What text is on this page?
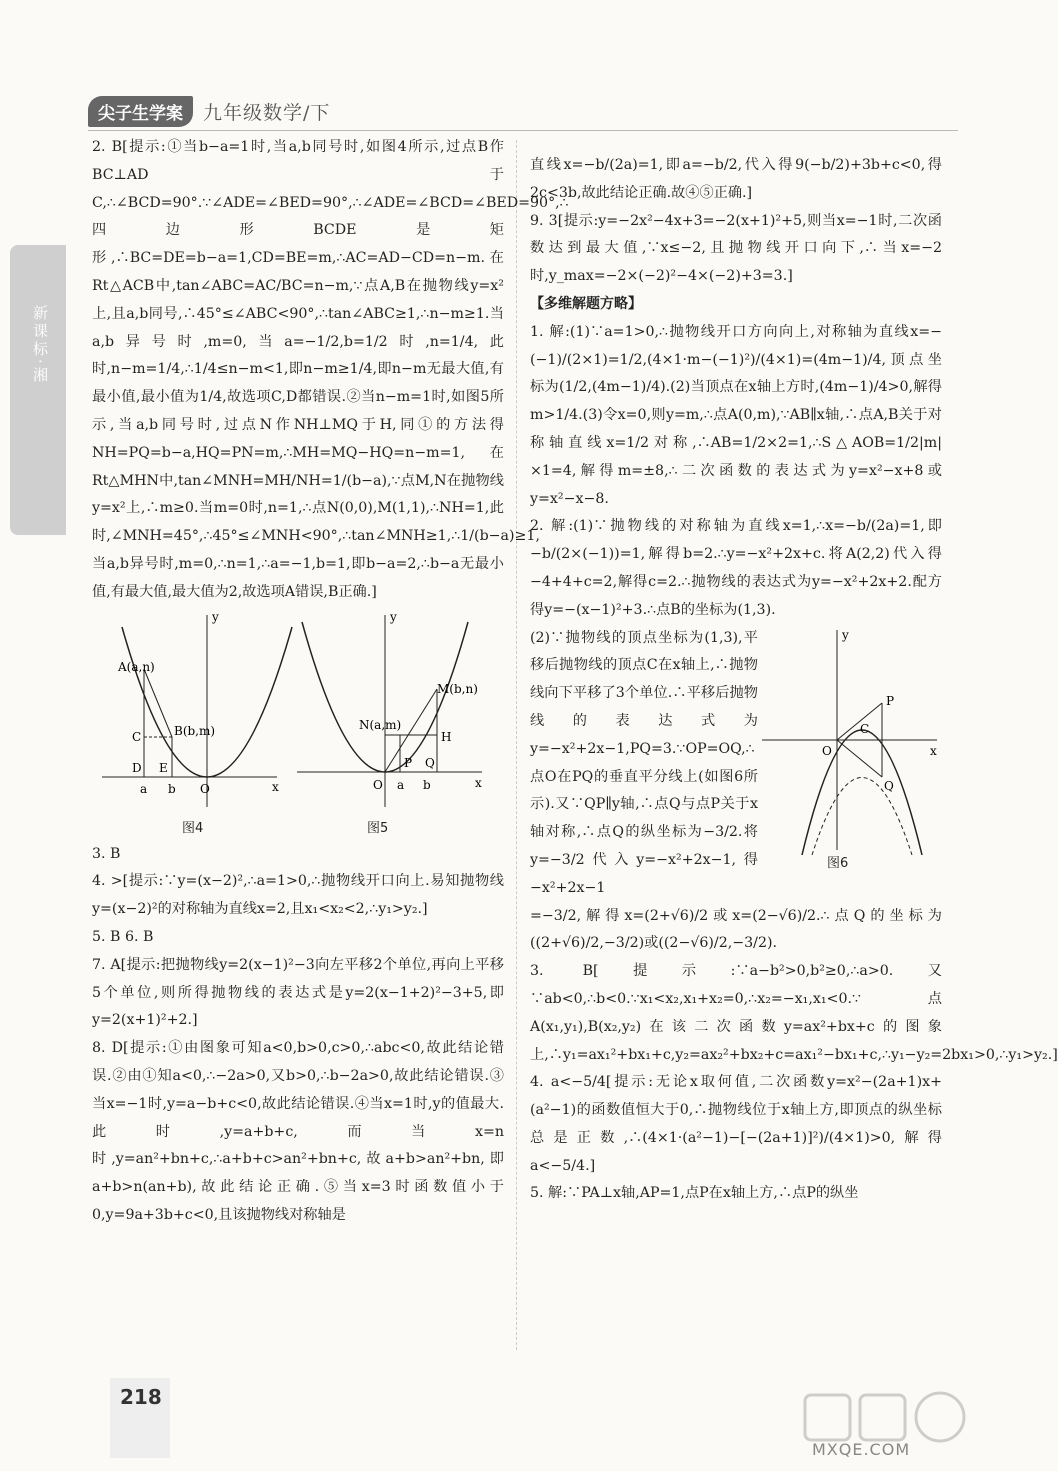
新课标·湘
尖子生学案	九年级数学/下

2. B[提示:①当b−a=1时,当a,b同号时,如图4所示,过点B作BC⊥AD于C,∴∠BCD=90°.∵∠ADE=∠BED=90°,∴∠ADE=∠BCD=∠BED=90°,∴四边形BCDE是矩形,∴BC=DE=b−a=1,CD=BE=m,∴AC=AD−CD=n−m.在Rt△ACB中,tan∠ABC=AC/BC=n−m,∵点A,B在抛物线y=x²上,且a,b同号,∴45°≤∠ABC<90°,∴tan∠ABC≥1,∴n−m≥1.当a,b异号时,m=0,当a=−1/2,b=1/2时,n=1/4,此时,n−m=1/4,∴1/4≤n−m<1,即n−m≥1/4,即n−m无最大值,有最小值,最小值为1/4,故选项C,D都错误.②当n−m=1时,如图5所示,当a,b同号时,过点N作NH⊥MQ于H,同①的方法得NH=PQ=b−a,HQ=PN=m,∴MH=MQ−HQ=n−m=1,在Rt△MHN中,tan∠MNH=MH/NH=1/(b−a),∵点M,N在抛物线y=x²上,∴m≥0.当m=0时,n=1,∴点N(0,0),M(1,1),∴NH=1,此时,∠MNH=45°,∴45°≤∠MNH<90°,∴tan∠MNH≥1,∴1/(b−a)≥1,当a,b异号时,m=0,∴n=1,∴a=−1,b=1,即b−a=2,∴b−a无最小值,有最大值,最大值为2,故选项A错误,B正确.]

A(a,n)
C	B(b,m)
D E
a b O	x
y
图4
M(b,n)
N(a,m)
H
P Q
O a b	x
y
图5

3. B

4. >[提示:∵y=(x−2)²,∴a=1>0,∴抛物线开口向上.易知抛物线y=(x−2)²的对称轴为直线x=2,且x₁<x₂<2,∴y₁>y₂.]

5. B 6. B

7. A[提示:把抛物线y=2(x−1)²−3向左平移2个单位,再向上平移5个单位,则所得抛物线的表达式是y=2(x−1+2)²−3+5,即y=2(x+1)²+2.]

8. D[提示:①由图象可知a<0,b>0,c>0,∴abc<0,故此结论错误.②由①知a<0,∴−2a>0,又b>0,∴b−2a>0,故此结论错误.③当x=−1时,y=a−b+c<0,故此结论错误.④当x=1时,y的值最大.此时,y=a+b+c,而当x=n时,y=an²+bn+c,∴a+b+c>an²+bn+c,故a+b>an²+bn,即a+b>n(an+b),故此结论正确.⑤当x=3时函数值小于0,y=9a+3b+c<0,且该抛物线对称轴是

直线x=−b/(2a)=1,即a=−b/2,代入得9(−b/2)+3b+c<0,得2c<3b,故此结论正确.故④⑤正确.]

9. 3[提示:y=−2x²−4x+3=−2(x+1)²+5,则当x=−1时,二次函数达到最大值,∵x≤−2,且抛物线开口向下,∴当x=−2时,y_max=−2×(−2)²−4×(−2)+3=3.]

【多维解题方略】

1. 解:(1)∵a=1>0,∴抛物线开口方向向上,对称轴为直线x=−(−1)/(2×1)=1/2,(4×1·m−(−1)²)/(4×1)=(4m−1)/4,顶点坐标为(1/2,(4m−1)/4).(2)当顶点在x轴上方时,(4m−1)/4>0,解得m>1/4.(3)令x=0,则y=m,∴点A(0,m),∵AB∥x轴,∴点A,B关于对称轴直线x=1/2对称,∴AB=1/2×2=1,∴S△AOB=1/2|m|×1=4,解得m=±8,∴二次函数的表达式为y=x²−x+8或y=x²−x−8.

2. 解:(1)∵抛物线的对称轴为直线x=1,∴x=−b/(2a)=1,即−b/(2×(−1))=1,解得b=2.∴y=−x²+2x+c.将A(2,2)代入得−4+4+c=2,解得c=2.∴抛物线的表达式为y=−x²+2x+2.配方得y=−(x−1)²+3.∴点B的坐标为(1,3).

(2)∵抛物线的顶点坐标为(1,3),平移后抛物线的顶点C在x轴上,∴抛物线向下平移了3个单位.∴平移后抛物线的表达式为y=−x²+2x−1,PQ=3.∵OP=OQ,∴点O在PQ的垂直平分线上(如图6所示).又∵QP∥y轴,∴点Q与点P关于x轴对称,∴点Q的纵坐标为−3/2.将y=−3/2代入y=−x²+2x−1,得−x²+2x−1

y
P
C
O	x
Q
图6

=−3/2,解得x=(2+√6)/2或x=(2−√6)/2.∴点Q的坐标为((2+√6)/2,−3/2)或((2−√6)/2,−3/2).

3. B[提示:∵a−b²>0,b²≥0,∴a>0.又∵ab<0,∴b<0.∵x₁<x₂,x₁+x₂=0,∴x₂=−x₁,x₁<0.∵点A(x₁,y₁),B(x₂,y₂)在该二次函数y=ax²+bx+c的图象上,∴y₁=ax₁²+bx₁+c,y₂=ax₂²+bx₂+c=ax₁²−bx₁+c,∴y₁−y₂=2bx₁>0,∴y₁>y₂.]

4. a<−5/4[提示:无论x取何值,二次函数y=x²−(2a+1)x+(a²−1)的函数值恒大于0,∴抛物线位于x轴上方,即顶点的纵坐标总是正数,∴(4×1·(a²−1)−[−(2a+1)]²)/(4×1)>0,解得a<−5/4.]

5. 解:∵PA⊥x轴,AP=1,点P在x轴上方,∴点P的纵坐

218
MXQE.COM
